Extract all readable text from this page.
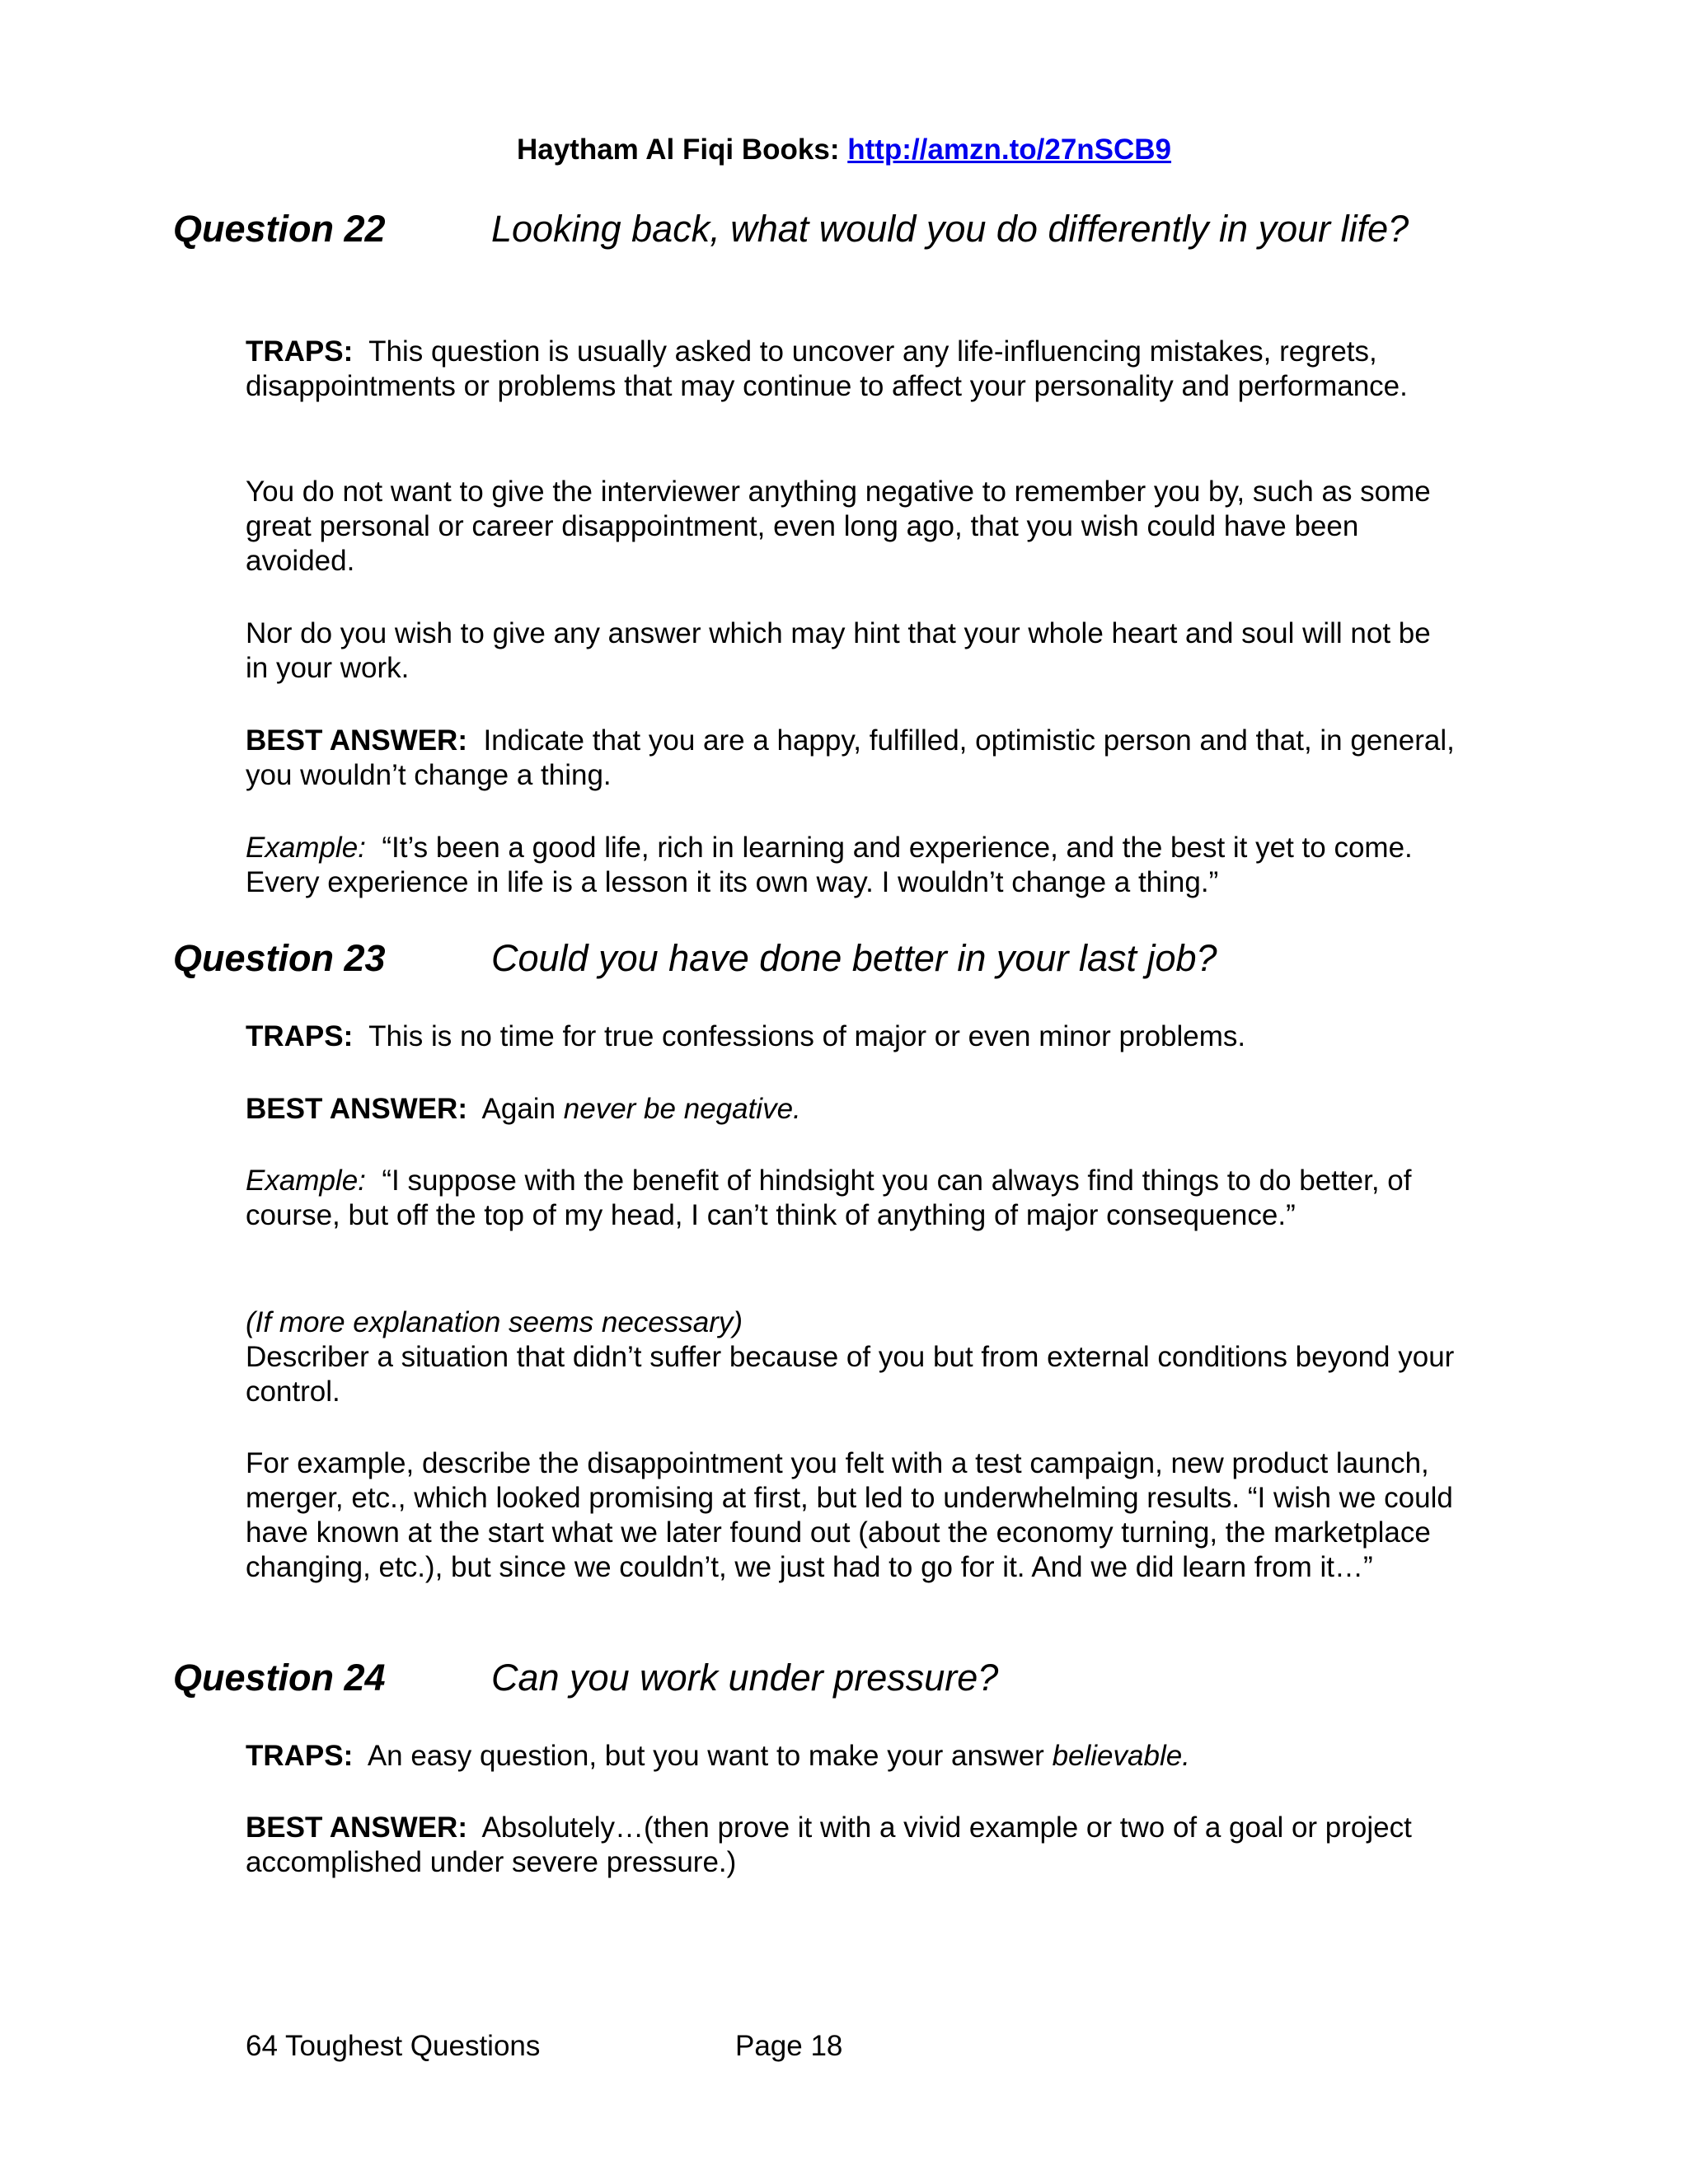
Haytham Al Fiqi Books: http://amzn.to/27nSCB9
Question 22	Looking back, what would you do differently in your life?
TRAPS: This question is usually asked to uncover any life-influencing mistakes, regrets, disappointments or problems that may continue to affect your personality and performance.
You do not want to give the interviewer anything negative to remember you by, such as some great personal or career disappointment, even long ago, that you wish could have been avoided.
Nor do you wish to give any answer which may hint that your whole heart and soul will not be in your work.
BEST ANSWER: Indicate that you are a happy, fulfilled, optimistic person and that, in general, you wouldn’t change a thing.
Example: “It’s been a good life, rich in learning and experience, and the best it yet to come. Every experience in life is a lesson it its own way. I wouldn’t change a thing.”
Question 23	Could you have done better in your last job?
TRAPS: This is no time for true confessions of major or even minor problems.
BEST ANSWER: Again never be negative.
Example: “I suppose with the benefit of hindsight you can always find things to do better, of course, but off the top of my head, I can’t think of anything of major consequence.”
(If more explanation seems necessary)
Describer a situation that didn’t suffer because of you but from external conditions beyond your control.
For example, describe the disappointment you felt with a test campaign, new product launch, merger, etc., which looked promising at first, but led to underwhelming results. “I wish we could have known at the start what we later found out (about the economy turning, the marketplace changing, etc.), but since we couldn’t, we just had to go for it. And we did learn from it…”
Question 24	Can you work under pressure?
TRAPS: An easy question, but you want to make your answer believable.
BEST ANSWER: Absolutely…(then prove it with a vivid example or two of a goal or project accomplished under severe pressure.)
64 Toughest Questions	Page 18
